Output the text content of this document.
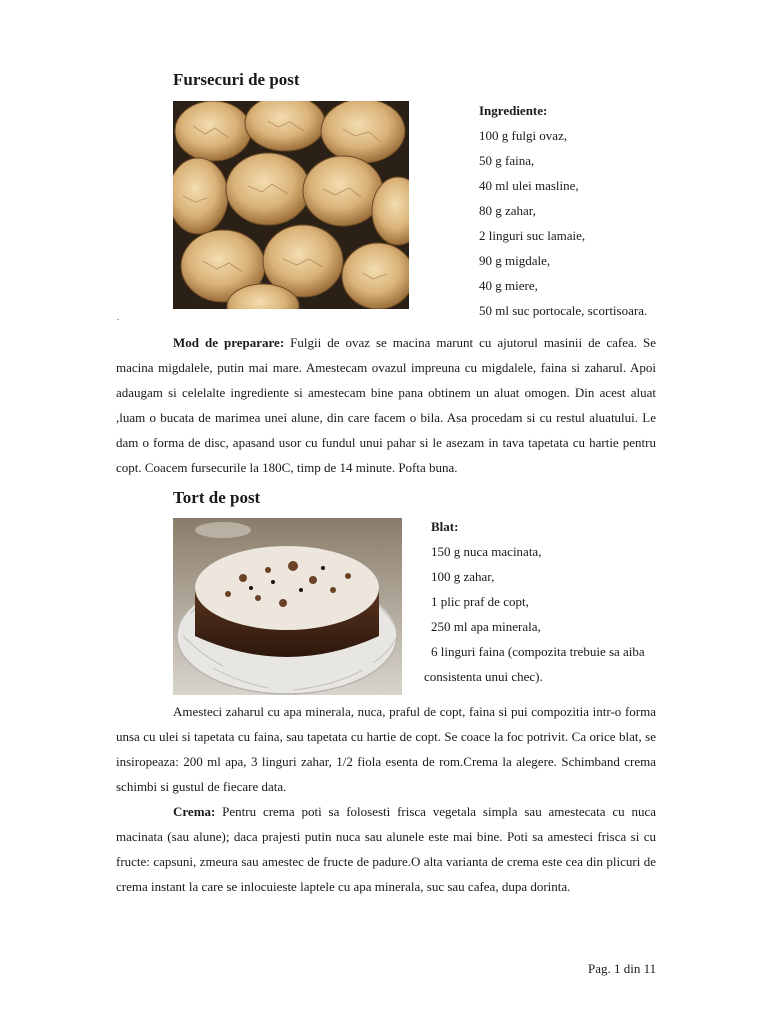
Fursecuri de post
Ingrediente:
100 g fulgi ovaz,
50 g faina,
40 ml ulei masline,
80 g zahar,
2 linguri suc lamaie,
90 g migdale,
40 g miere,
50 ml suc portocale, scortisoara.
.

Mod de preparare: Fulgii de ovaz se macina marunt cu ajutorul masinii de cafea. Se macina migdalele, putin mai mare. Amestecam ovazul impreuna cu migdalele, faina si zaharul. Apoi adaugam si celelalte ingrediente si amestecam bine pana obtinem un aluat omogen. Din acest aluat ,luam o bucata de marimea unei alune, din care facem o bila. Asa procedam si cu restul aluatului. Le dam o forma de disc, apasand usor cu fundul unui pahar si le asezam in tava tapetata cu hartie pentru copt. Coacem fursecurile la 180C, timp de 14 minute. Pofta buna.

Tort de post
Blat:
150 g nuca macinata,
100 g zahar,
1 plic praf de copt,
250 ml apa minerala,
6 linguri faina (compozita trebuie sa aiba
consistenta unui chec).

Amesteci zaharul cu apa minerala, nuca, praful de copt, faina si pui compozitia intr-o forma unsa cu ulei si tapetata cu faina, sau tapetata cu hartie de copt. Se coace la foc potrivit. Ca orice blat, se insiropeaza: 200 ml apa, 3 linguri zahar, 1/2 fiola esenta de rom.Crema la alegere. Schimband crema schimbi si gustul de fiecare data.

Crema: Pentru crema poti sa folosesti frisca vegetala simpla sau amestecata cu nuca macinata (sau alune); daca prajesti putin nuca sau alunele este mai bine. Poti sa amesteci frisca si cu fructe: capsuni, zmeura sau amestec de fructe de padure.O alta varianta de crema este cea din plicuri de crema instant la care se inlocuieste laptele cu apa minerala, suc sau cafea, dupa dorinta.

Pag. 1 din 11
